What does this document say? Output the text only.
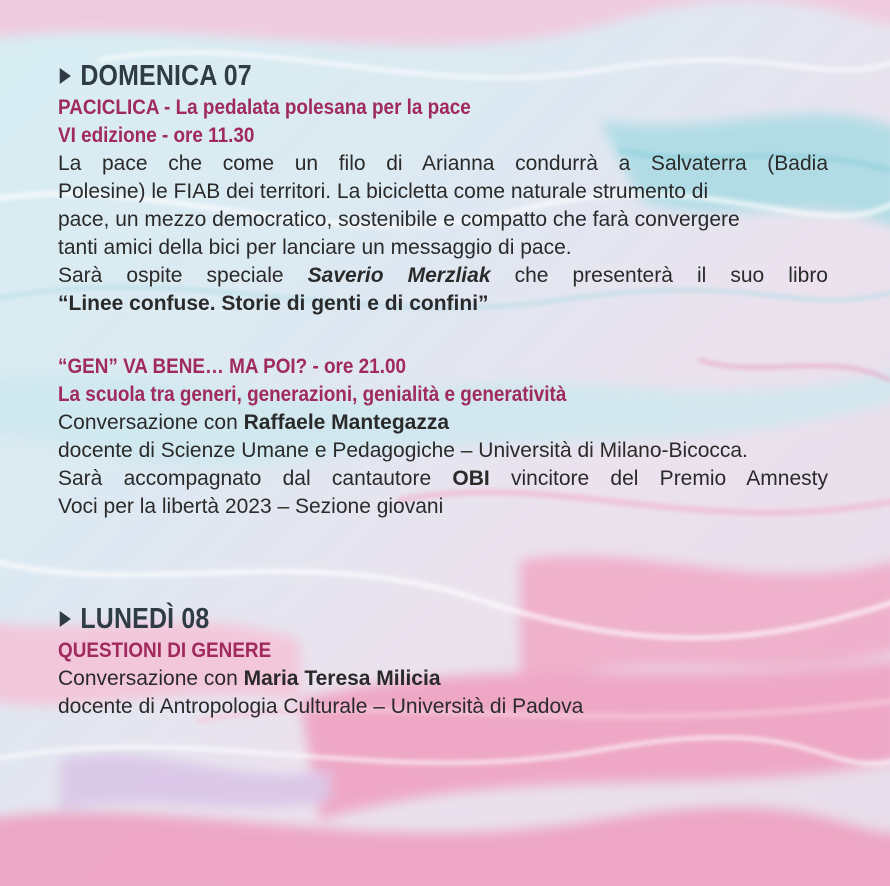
DOMENICA 07
PACICLICA - La pedalata polesana per la pace
VI edizione - ore 11.30
La pace che come un filo di Arianna condurrà a Salvaterra (Badia
Polesine) le FIAB dei territori. La bicicletta come naturale strumento di
pace, un mezzo democratico, sostenibile e compatto che farà convergere
tanti amici della bici per lanciare un messaggio di pace.
Sarà ospite speciale Saverio Merzliak che presenterà il suo libro
“Linee confuse. Storie di genti e di confini”
“GEN” VA BENE… MA POI? - ore 21.00
La scuola tra generi, generazioni, genialità e generatività
Conversazione con Raffaele Mantegazza
docente di Scienze Umane e Pedagogiche – Università di Milano-Bicocca.
Sarà accompagnato dal cantautore OBI vincitore del Premio Amnesty
Voci per la libertà 2023 – Sezione giovani
LUNEDÌ 08
QUESTIONI DI GENERE
Conversazione con Maria Teresa Milicia
docente di Antropologia Culturale – Università di Padova
